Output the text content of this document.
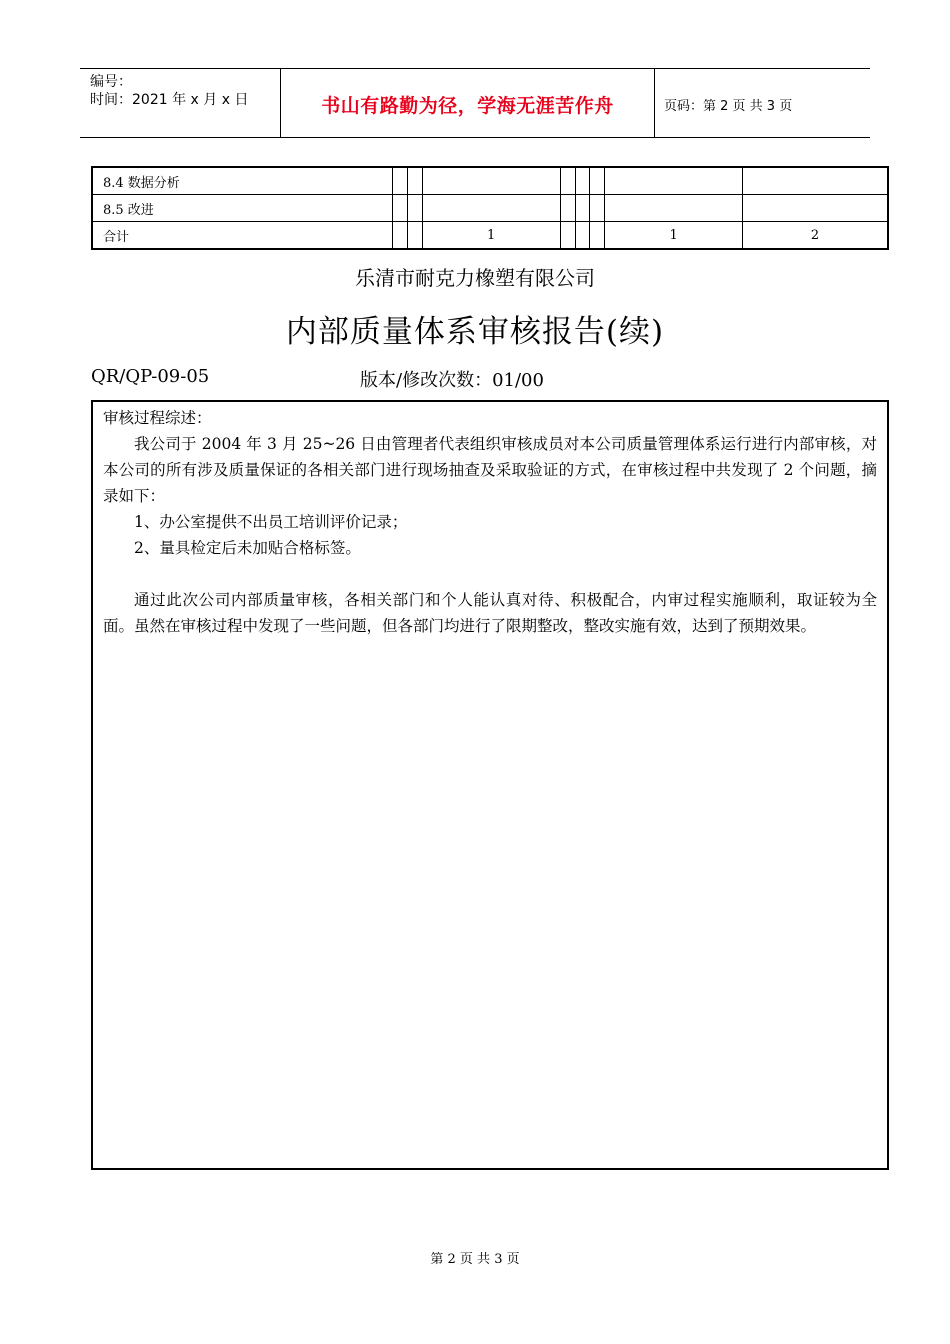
编号：
时间：2021 年 x 月 x 日	书山有路勤为径，学海无涯苦作舟	页码：第 2 页 共 3 页
8.4 数据分析								
8.5 改进								
合计			1				1	2
乐清市耐克力橡塑有限公司
内部质量体系审核报告(续)
QR/QP-09-05	版本/修改次数：01/00

审核过程综述：

我公司于 2004 年 3 月 25~26 日由管理者代表组织审核成员对本公司质量管理体系运行进行内部审核，对本公司的所有涉及质量保证的各相关部门进行现场抽查及采取验证的方式，在审核过程中共发现了 2 个问题，摘录如下：

1、办公室提供不出员工培训评价记录；

2、量具检定后未加贴合格标签。

通过此次公司内部质量审核，各相关部门和个人能认真对待、积极配合，内审过程实施顺利，取证较为全面。虽然在审核过程中发现了一些问题，但各部门均进行了限期整改，整改实施有效，达到了预期效果。

第 2 页 共 3 页
